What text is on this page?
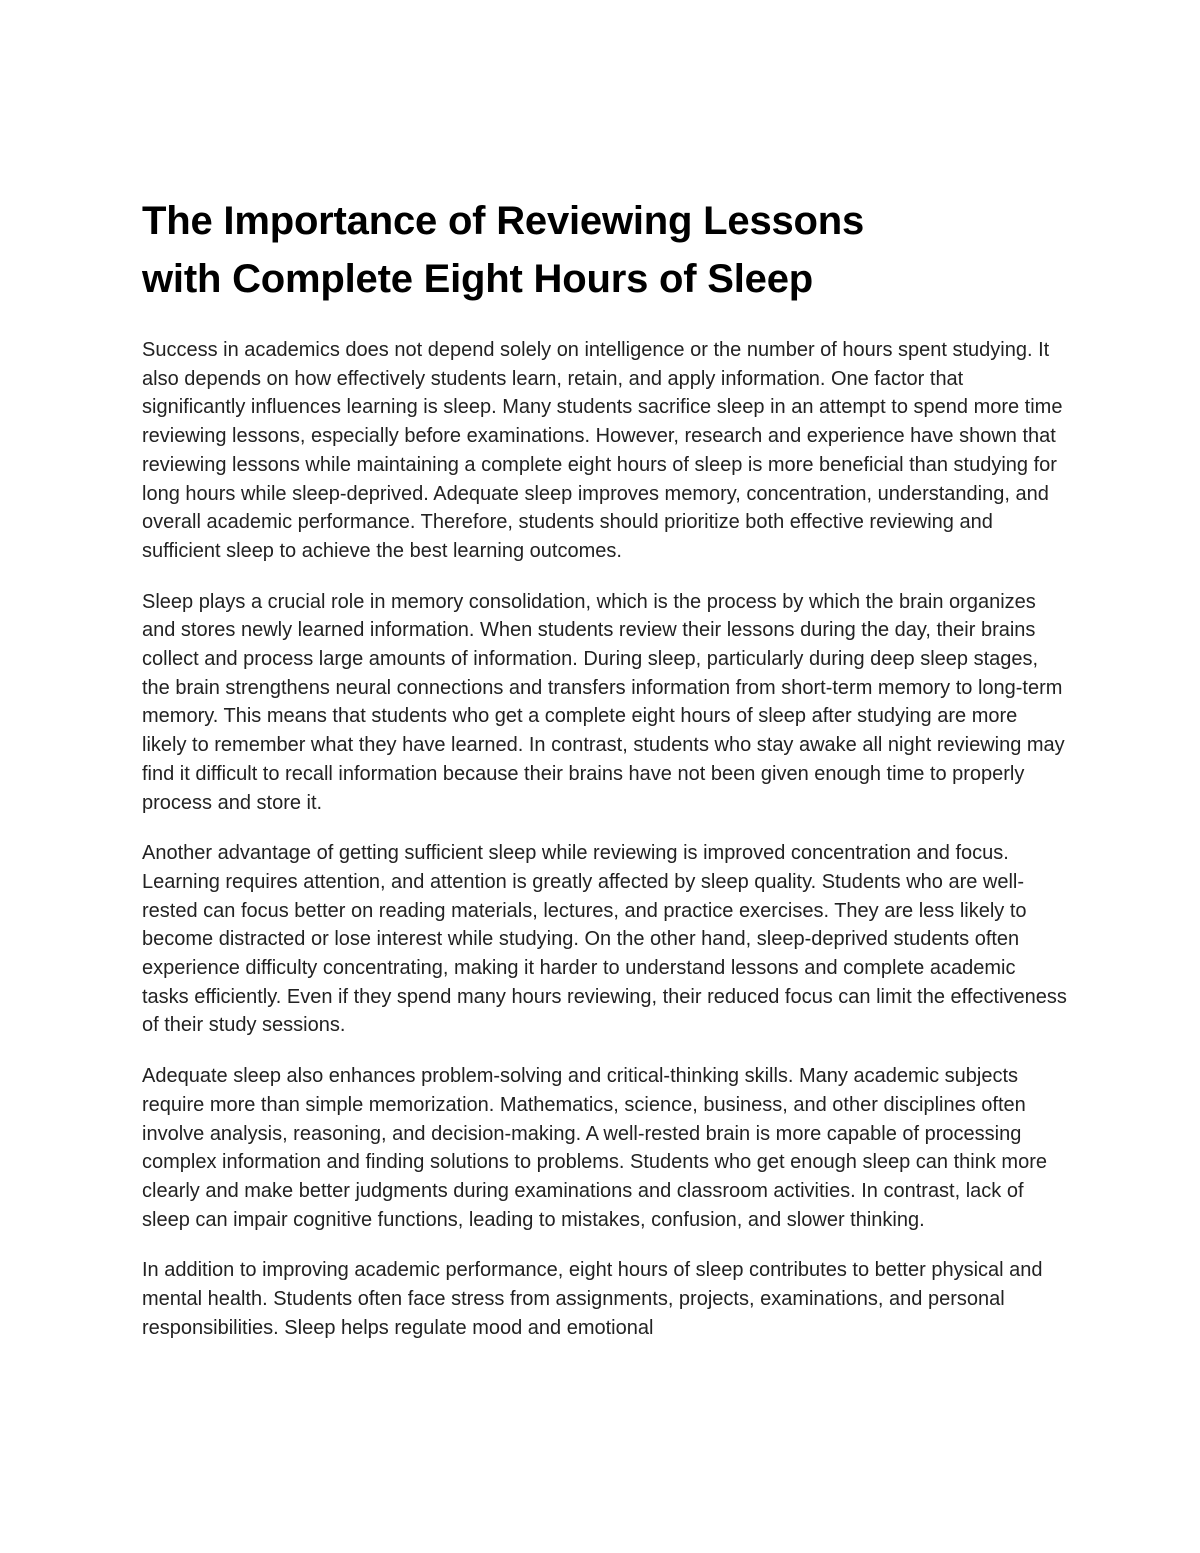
The Importance of Reviewing Lessons
with Complete Eight Hours of Sleep

Success in academics does not depend solely on intelligence or the number of hours spent studying. It also depends on how effectively students learn, retain, and apply information. One factor that significantly influences learning is sleep. Many students sacrifice sleep in an attempt to spend more time reviewing lessons, especially before examinations. However, research and experience have shown that reviewing lessons while maintaining a complete eight hours of sleep is more beneficial than studying for long hours while sleep-deprived. Adequate sleep improves memory, concentration, understanding, and overall academic performance. Therefore, students should prioritize both effective reviewing and sufficient sleep to achieve the best learning outcomes.

Sleep plays a crucial role in memory consolidation, which is the process by which the brain organizes and stores newly learned information. When students review their lessons during the day, their brains collect and process large amounts of information. During sleep, particularly during deep sleep stages, the brain strengthens neural connections and transfers information from short-term memory to long-term memory. This means that students who get a complete eight hours of sleep after studying are more likely to remember what they have learned. In contrast, students who stay awake all night reviewing may find it difficult to recall information because their brains have not been given enough time to properly process and store it.

Another advantage of getting sufficient sleep while reviewing is improved concentration and focus. Learning requires attention, and attention is greatly affected by sleep quality. Students who are well-rested can focus better on reading materials, lectures, and practice exercises. They are less likely to become distracted or lose interest while studying. On the other hand, sleep-deprived students often experience difficulty concentrating, making it harder to understand lessons and complete academic tasks efficiently. Even if they spend many hours reviewing, their reduced focus can limit the effectiveness of their study sessions.

Adequate sleep also enhances problem-solving and critical-thinking skills. Many academic subjects require more than simple memorization. Mathematics, science, business, and other disciplines often involve analysis, reasoning, and decision-making. A well-rested brain is more capable of processing complex information and finding solutions to problems. Students who get enough sleep can think more clearly and make better judgments during examinations and classroom activities. In contrast, lack of sleep can impair cognitive functions, leading to mistakes, confusion, and slower thinking.

In addition to improving academic performance, eight hours of sleep contributes to better physical and mental health. Students often face stress from assignments, projects, examinations, and personal responsibilities. Sleep helps regulate mood and emotional
